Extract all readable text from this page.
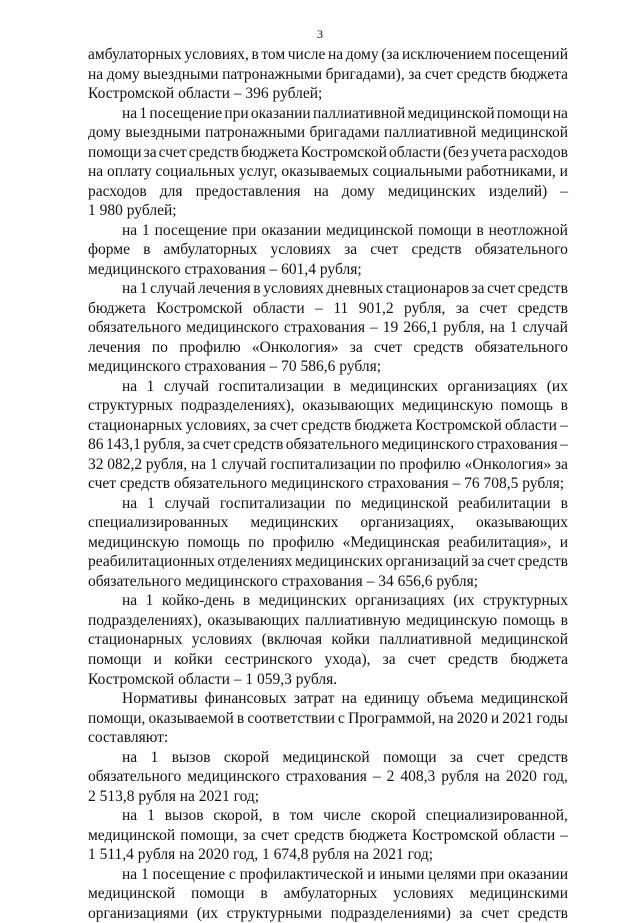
3
амбулаторных условиях, в том числе на дому (за исключением посещений
на дому выездными патронажными бригадами), за счет средств бюджета
Костромской области – 396 рублей;
на 1 посещение при оказании паллиативной медицинской помощи на
дому выездными патронажными бригадами паллиативной медицинской
помощи за счет средств бюджета Костромской области (без учета расходов
на оплату социальных услуг, оказываемых социальными работниками, и
расходов для предоставления на дому медицинских изделий) –
1 980 рублей;
на 1 посещение при оказании медицинской помощи в неотложной
форме в амбулаторных условиях за счет средств обязательного
медицинского страхования – 601,4 рубля;
на 1 случай лечения в условиях дневных стационаров за счет средств
бюджета Костромской области – 11 901,2 рубля, за счет средств
обязательного медицинского страхования – 19 266,1 рубля, на 1 случай
лечения по профилю «Онкология» за счет средств обязательного
медицинского страхования – 70 586,6 рубля;
на 1 случай госпитализации в медицинских организациях (их
структурных подразделениях), оказывающих медицинскую помощь в
стационарных условиях, за счет средств бюджета Костромской области –
86 143,1 рубля, за счет средств обязательного медицинского страхования –
32 082,2 рубля, на 1 случай госпитализации по профилю «Онкология» за
счет средств обязательного медицинского страхования – 76 708,5 рубля;
на 1 случай госпитализации по медицинской реабилитации в
специализированных медицинских организациях, оказывающих
медицинскую помощь по профилю «Медицинская реабилитация», и
реабилитационных отделениях медицинских организаций за счет средств
обязательного медицинского страхования – 34 656,6 рубля;
на 1 койко-день в медицинских организациях (их структурных
подразделениях), оказывающих паллиативную медицинскую помощь в
стационарных условиях (включая койки паллиативной медицинской
помощи и койки сестринского ухода), за счет средств бюджета
Костромской области – 1 059,3 рубля.
Нормативы финансовых затрат на единицу объема медицинской
помощи, оказываемой в соответствии с Программой, на 2020 и 2021 годы
составляют:
на 1 вызов скорой медицинской помощи за счет средств
обязательного медицинского страхования – 2 408,3 рубля на 2020 год,
2 513,8 рубля на 2021 год;
на 1 вызов скорой, в том числе скорой специализированной,
медицинской помощи, за счет средств бюджета Костромской области –
1 511,4 рубля на 2020 год, 1 674,8 рубля на 2021 год;
на 1 посещение с профилактической и иными целями при оказании
медицинской помощи в амбулаторных условиях медицинскими
организациями (их структурными подразделениями) за счет средств
